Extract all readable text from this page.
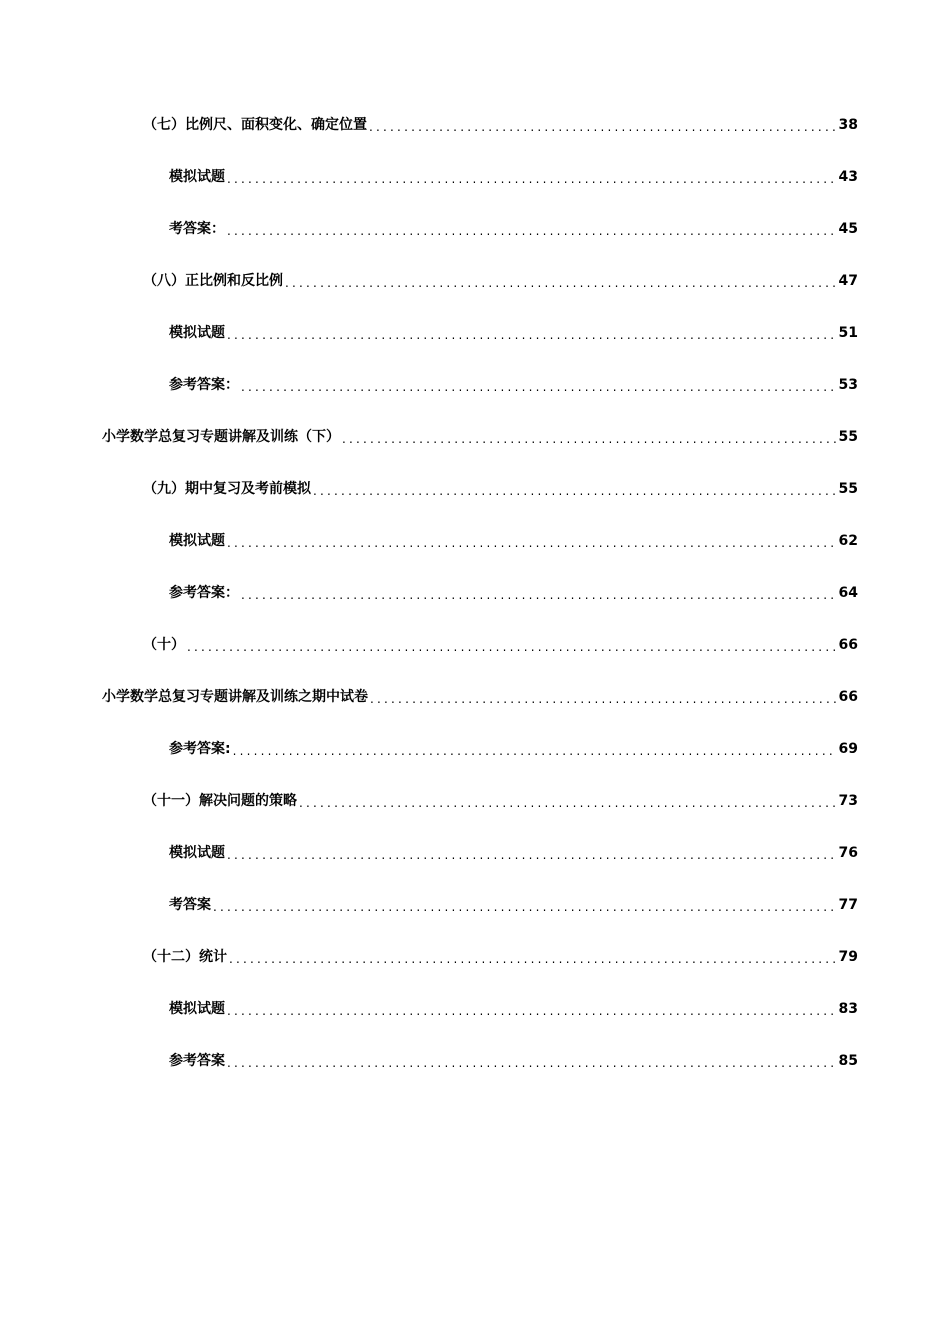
（七）比例尺、面积变化、确定位置 .....	38
模拟试题 .....	43
考答案： .....	45
（八）正比例和反比例 .....	47
模拟试题 .....	51
参考答案： .....	53
小学数学总复习专题讲解及训练（下） .....	55
（九）期中复习及考前模拟 .....	55
模拟试题 .....	62
参考答案： .....	64
（十） .....	66
小学数学总复习专题讲解及训练之期中试卷 .....	66
参考答案: .....	69
（十一）解决问题的策略 .....	73
模拟试题 .....	76
考答案 .....	77
（十二）统计 .....	79
模拟试题 .....	83
参考答案 .....	85
